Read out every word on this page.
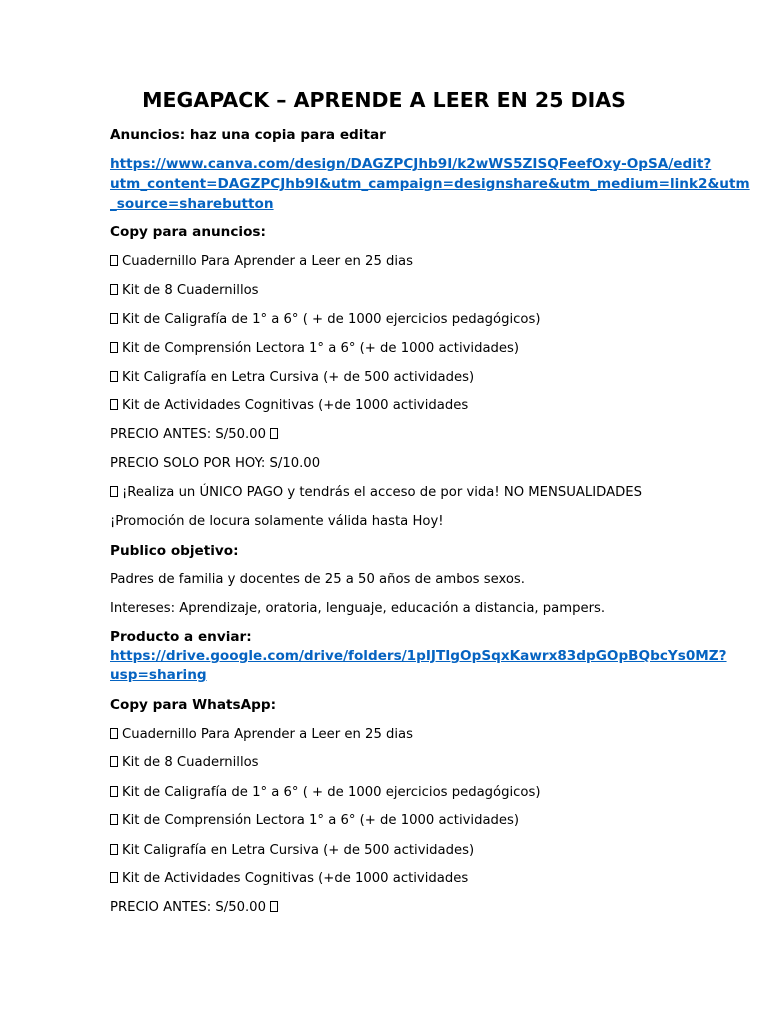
MEGAPACK – APRENDE A LEER EN 25 DIAS
Anuncios: haz una copia para editar
https://www.canva.com/design/DAGZPCJhb9I/k2wWS5ZISQFeefOxy-OpSA/edit?
utm_content=DAGZPCJhb9I&utm_campaign=designshare&utm_medium=link2&utm
_source=sharebutton
Copy para anuncios:
Cuadernillo Para Aprender a Leer en 25 dias
Kit de 8 Cuadernillos
Kit de Caligrafía de 1° a 6° ( + de 1000 ejercicios pedagógicos)
Kit de Comprensión Lectora 1° a 6° (+ de 1000 actividades)
Kit Caligrafía en Letra Cursiva (+ de 500 actividades)
Kit de Actividades Cognitivas (+de 1000 actividades
PRECIO ANTES: S/50.00
PRECIO SOLO POR HOY: S/10.00
¡Realiza un ÚNICO PAGO y tendrás el acceso de por vida! NO MENSUALIDADES
¡Promoción de locura solamente válida hasta Hoy!
Publico objetivo:
Padres de familia y docentes de 25 a 50 años de ambos sexos.
Intereses: Aprendizaje, oratoria, lenguaje, educación a distancia, pampers.
Producto a enviar:
https://drive.google.com/drive/folders/1pIJTIgOpSqxKawrx83dpGOpBQbcYs0MZ?
usp=sharing
Copy para WhatsApp:
Cuadernillo Para Aprender a Leer en 25 dias
Kit de 8 Cuadernillos
Kit de Caligrafía de 1° a 6° ( + de 1000 ejercicios pedagógicos)
Kit de Comprensión Lectora 1° a 6° (+ de 1000 actividades)
Kit Caligrafía en Letra Cursiva (+ de 500 actividades)
Kit de Actividades Cognitivas (+de 1000 actividades
PRECIO ANTES: S/50.00
